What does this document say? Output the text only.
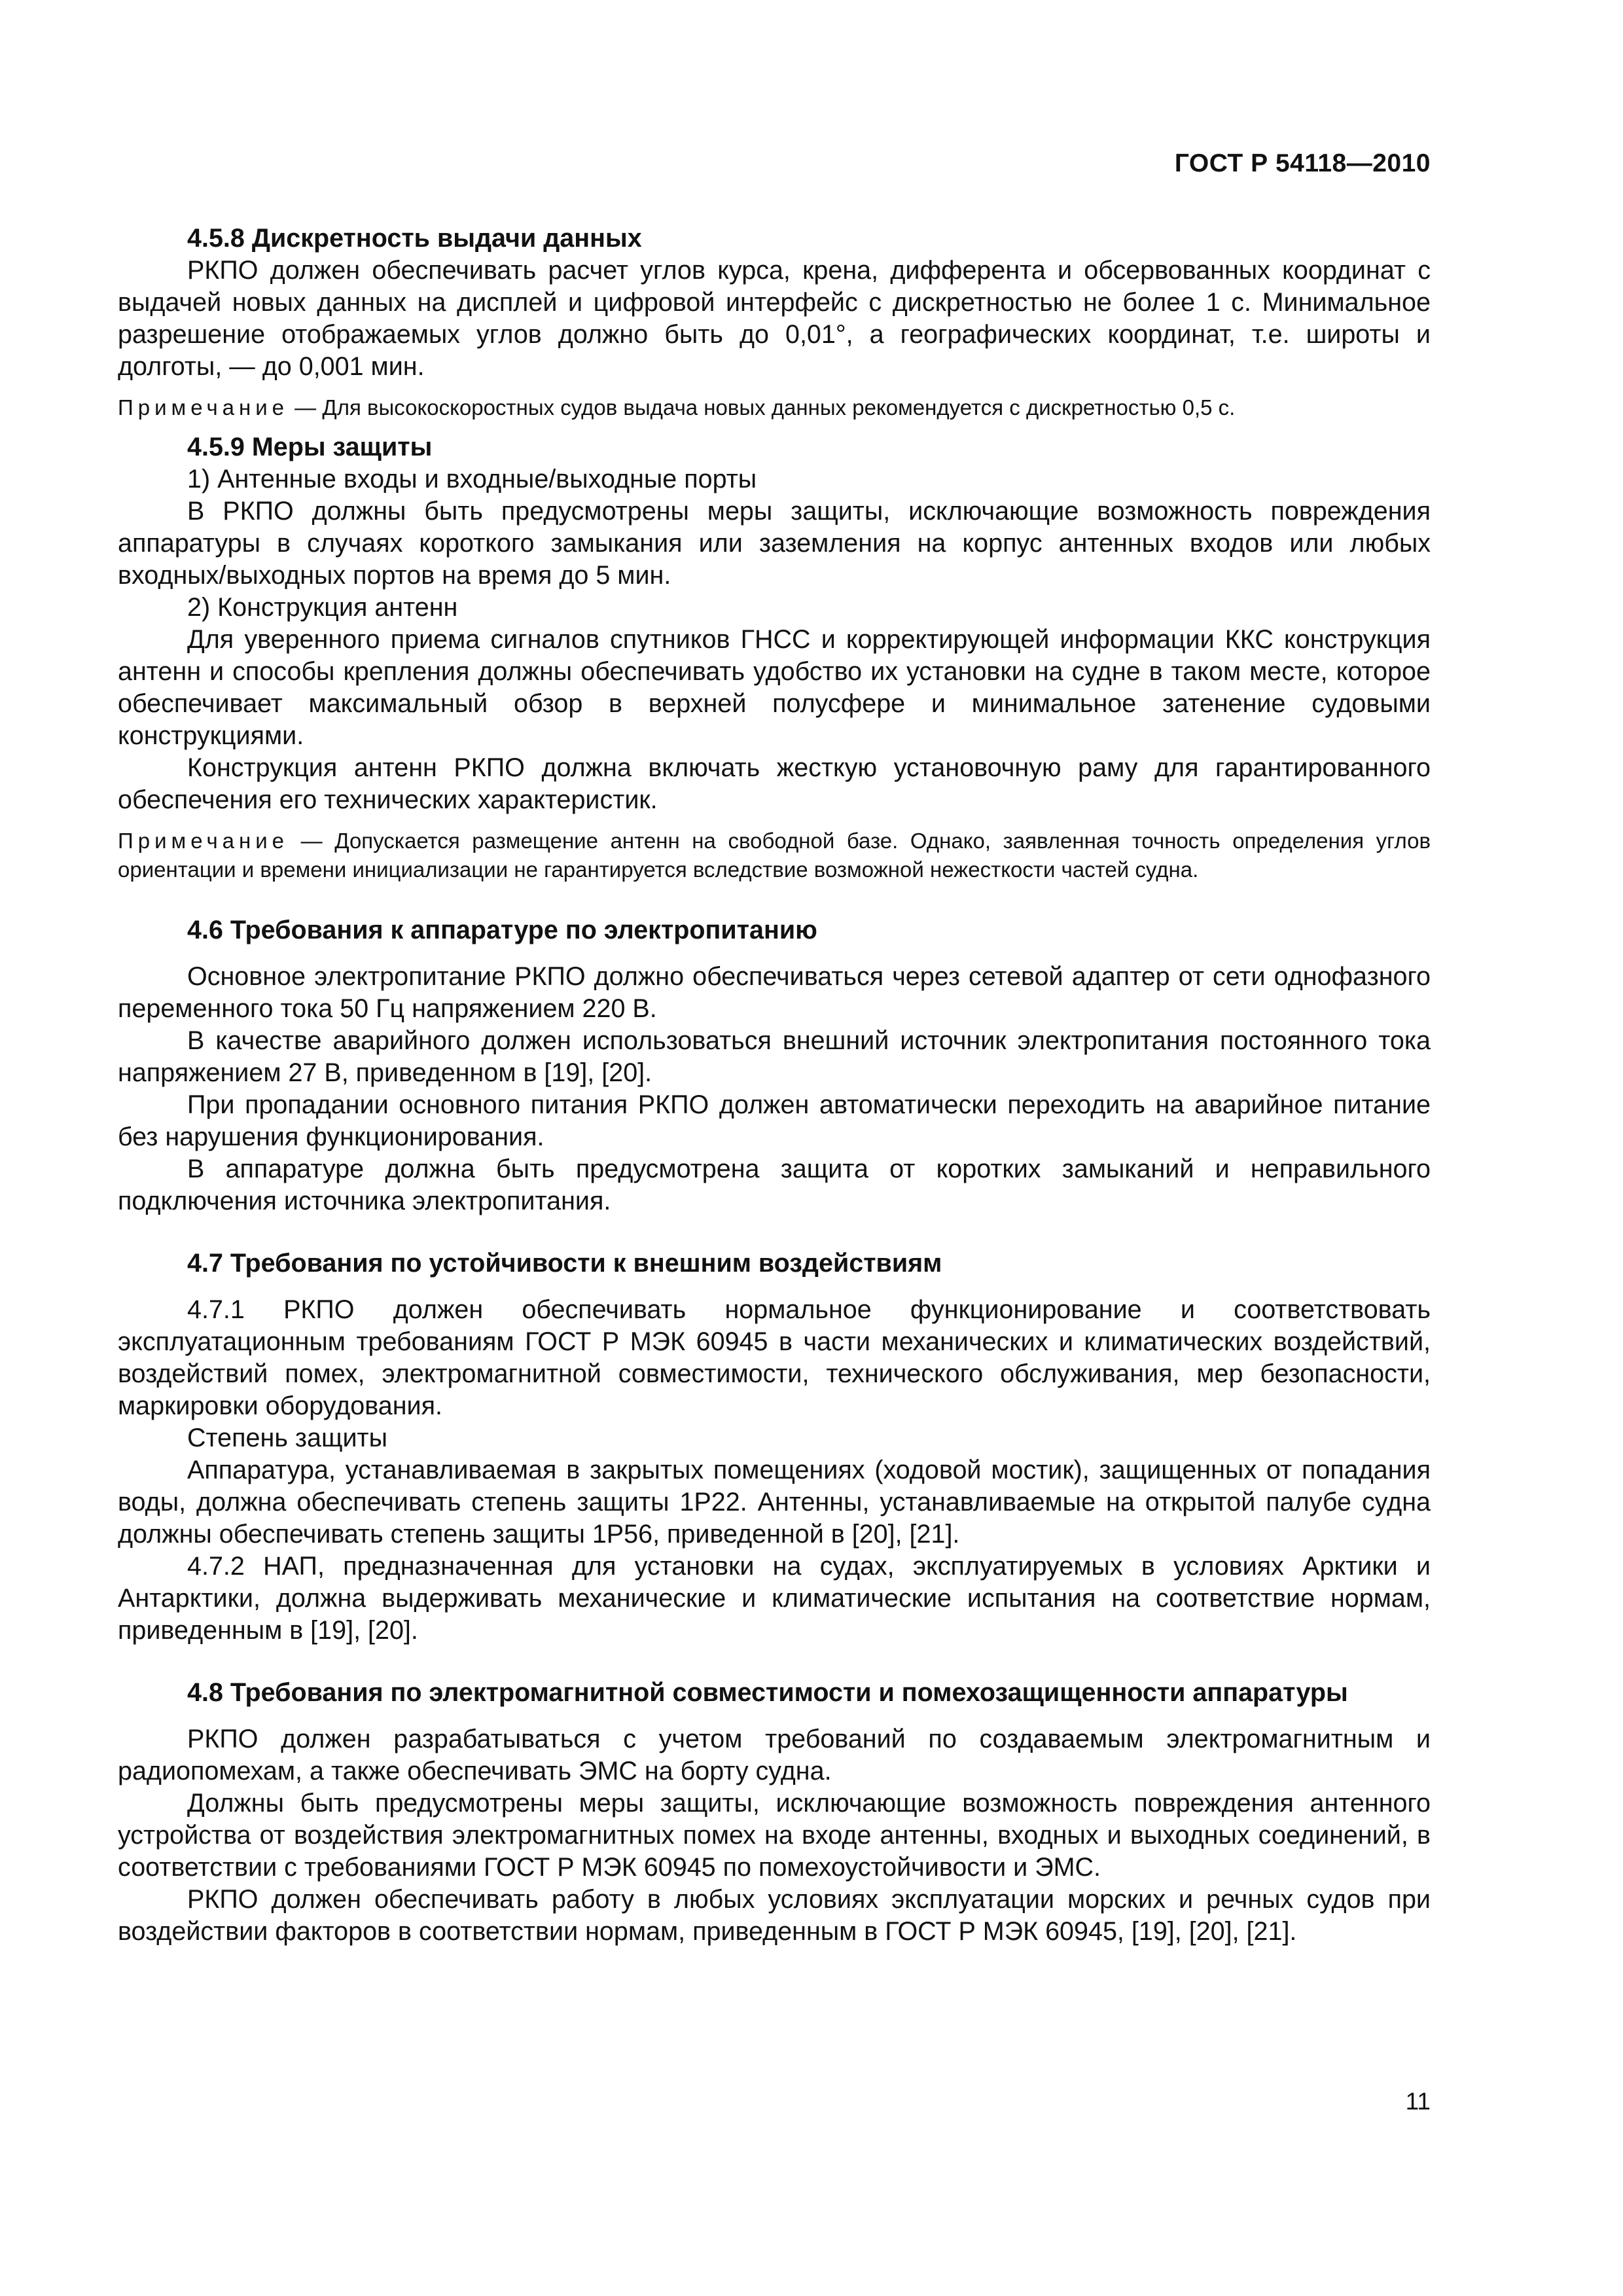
ГОСТ Р 54118—2010

4.5.8 Дискретность выдачи данных

РКПО должен обеспечивать расчет углов курса, крена, дифферента и обсервованных координат с выдачей новых данных на дисплей и цифровой интерфейс с дискретностью не более 1 с. Минимальное разрешение отображаемых углов должно быть до 0,01°, а географических координат, т.е. широты и долготы, — до 0,001 мин.

Примечание — Для высокоскоростных судов выдача новых данных рекомендуется с дискретностью 0,5 с.

4.5.9 Меры защиты

1) Антенные входы и входные/выходные порты

В РКПО должны быть предусмотрены меры защиты, исключающие возможность повреждения аппаратуры в случаях короткого замыкания или заземления на корпус антенных входов или любых входных/выходных портов на время до 5 мин.

2) Конструкция антенн

Для уверенного приема сигналов спутников ГНСС и корректирующей информации ККС конструкция антенн и способы крепления должны обеспечивать удобство их установки на судне в таком месте, которое обеспечивает максимальный обзор в верхней полусфере и минимальное затенение судовыми конструкциями.

Конструкция антенн РКПО должна включать жесткую установочную раму для гарантированного обеспечения его технических характеристик.

Примечание — Допускается размещение антенн на свободной базе. Однако, заявленная точность определения углов ориентации и времени инициализации не гарантируется вследствие возможной нежесткости частей судна.

4.6 Требования к аппаратуре по электропитанию

Основное электропитание РКПО должно обеспечиваться через сетевой адаптер от сети однофазного переменного тока 50 Гц напряжением 220 В.

В качестве аварийного должен использоваться внешний источник электропитания постоянного тока напряжением 27 В, приведенном в [19], [20].

При пропадании основного питания РКПО должен автоматически переходить на аварийное питание без нарушения функционирования.

В аппаратуре должна быть предусмотрена защита от коротких замыканий и неправильного подключения источника электропитания.

4.7 Требования по устойчивости к внешним воздействиям

4.7.1 РКПО должен обеспечивать нормальное функционирование и соответствовать эксплуатационным требованиям ГОСТ Р МЭК 60945 в части механических и климатических воздействий, воздействий помех, электромагнитной совместимости, технического обслуживания, мер безопасности, маркировки оборудования.

Степень защиты

Аппаратура, устанавливаемая в закрытых помещениях (ходовой мостик), защищенных от попадания воды, должна обеспечивать степень защиты 1Р22. Антенны, устанавливаемые на открытой палубе судна должны обеспечивать степень защиты 1Р56, приведенной в [20], [21].

4.7.2 НАП, предназначенная для установки на судах, эксплуатируемых в условиях Арктики и Антарктики, должна выдерживать механические и климатические испытания на соответствие нормам, приведенным в [19], [20].

4.8 Требования по электромагнитной совместимости и помехозащищенности аппаратуры

РКПО должен разрабатываться с учетом требований по создаваемым электромагнитным и радиопомехам, а также обеспечивать ЭМС на борту судна.

Должны быть предусмотрены меры защиты, исключающие возможность повреждения антенного устройства от воздействия электромагнитных помех на входе антенны, входных и выходных соединений, в соответствии с требованиями ГОСТ Р МЭК 60945 по помехоустойчивости и ЭМС.

РКПО должен обеспечивать работу в любых условиях эксплуатации морских и речных судов при воздействии факторов в соответствии нормам, приведенным в ГОСТ Р МЭК 60945, [19], [20], [21].

11
